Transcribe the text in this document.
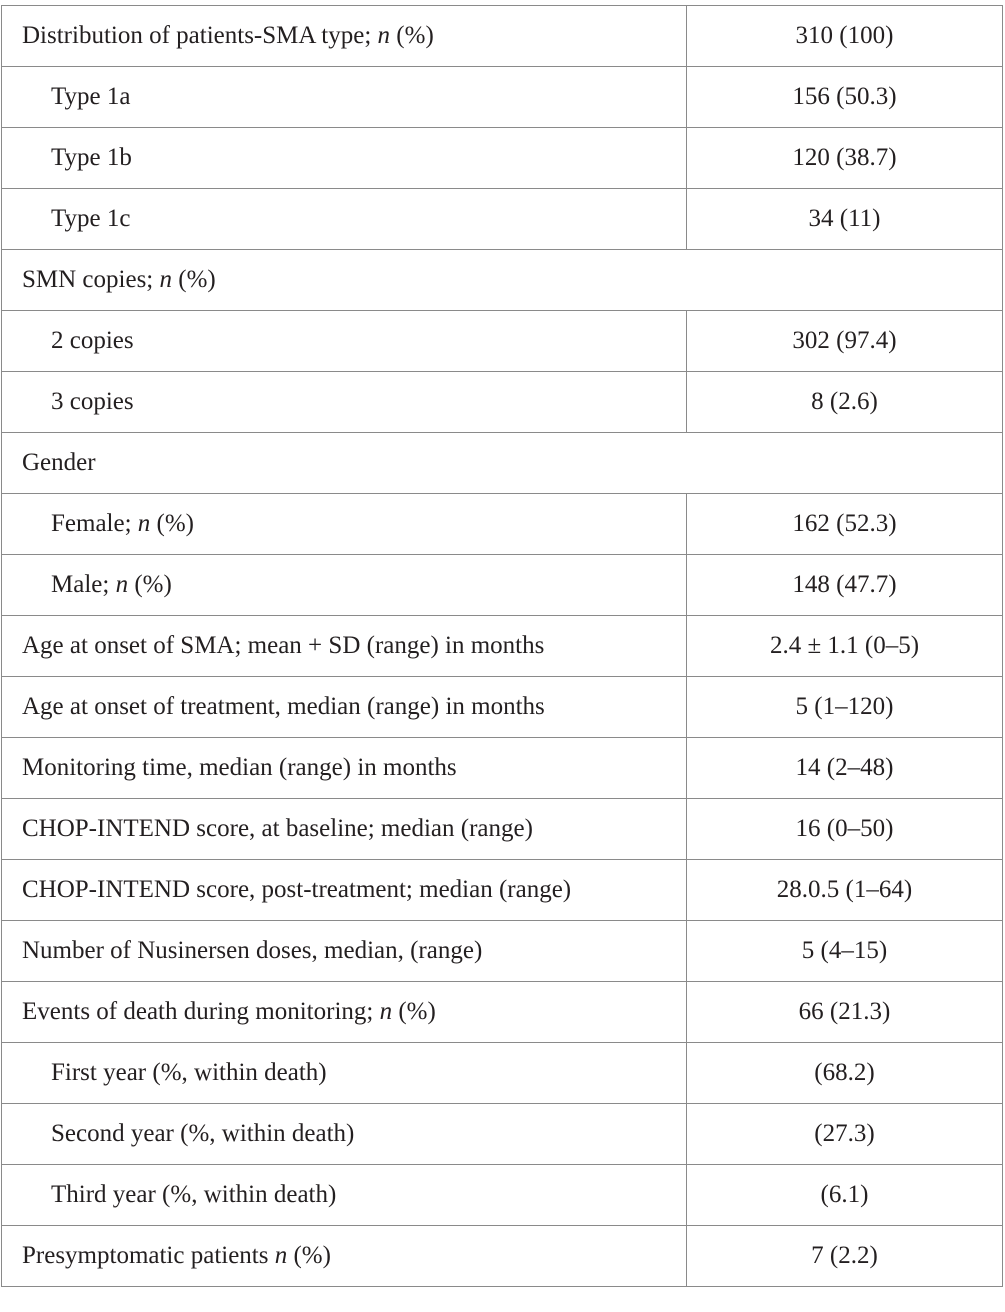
Distribution of patients-SMA type; n (%)	310 (100)
Type 1a	156 (50.3)
Type 1b	120 (38.7)
Type 1c	34 (11)
SMN copies; n (%)	
2 copies	302 (97.4)
3 copies	8 (2.6)
Gender	
Female; n (%)	162 (52.3)
Male; n (%)	148 (47.7)
Age at onset of SMA; mean + SD (range) in months	2.4 ± 1.1 (0–5)
Age at onset of treatment, median (range) in months	5 (1–120)
Monitoring time, median (range) in months	14 (2–48)
CHOP-INTEND score, at baseline; median (range)	16 (0–50)
CHOP-INTEND score, post-treatment; median (range)	28.0.5 (1–64)
Number of Nusinersen doses, median, (range)	5 (4–15)
Events of death during monitoring; n (%)	66 (21.3)
First year (%, within death)	(68.2)
Second year (%, within death)	(27.3)
Third year (%, within death)	(6.1)
Presymptomatic patients n (%)	7 (2.2)
